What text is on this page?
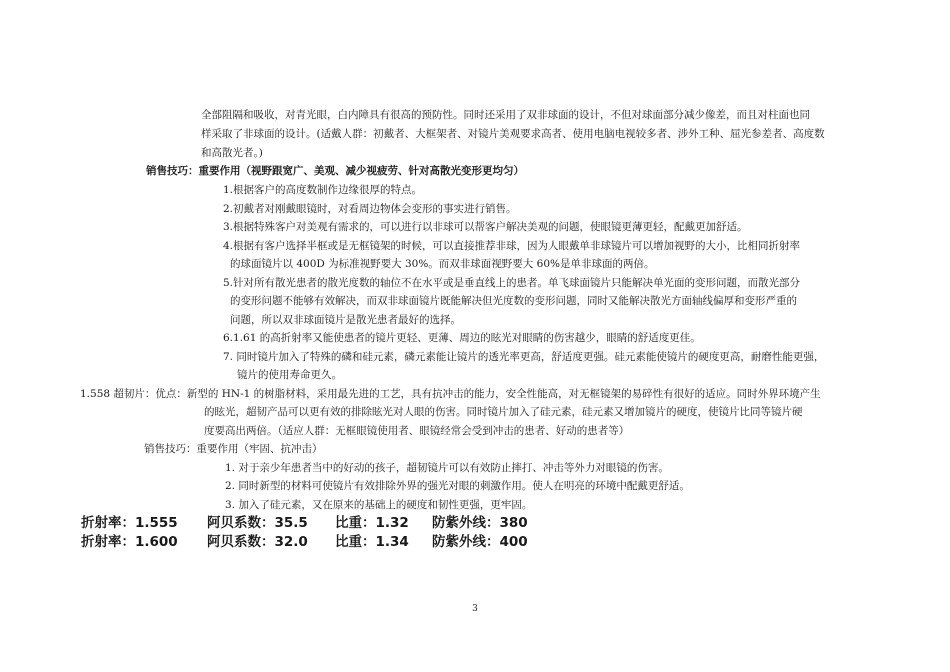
全部阻隔和吸收，对青光眼，白内障具有很高的预防性。同时还采用了双非球面的设计，不但对球面部分减少像差，而且对柱面也同
样采取了非球面的设计。(适戴人群：初戴者、大框架者、对镜片美观要求高者、使用电脑电视较多者、涉外工种、屈光参差者、高度数
和高散光者。)
销售技巧：重要作用（视野跟宽广、美观、减少视疲劳、针对高散光变形更均匀）
1.根据客户的高度数制作边缘很厚的特点。
2.初戴者对刚戴眼镜时，对看周边物体会变形的事实进行销售。
3.根据特殊客户对美观有需求的，可以进行以非球可以帮客户解决美观的问题，使眼镜更薄更轻，配戴更加舒适。
4.根据有客户选择半框或是无框镜架的时候，可以直接推荐非球，因为人眼戴单非球镜片可以增加视野的大小，比相同折射率
的球面镜片以 400D 为标准视野要大 30%。而双非球面视野要大 60%是单非球面的两倍。
5.针对所有散光患者的散光度数的轴位不在水平或是垂直线上的患者。单飞球面镜片只能解决单光面的变形问题，而散光部分
的变形问题不能够有效解决，而双非球面镜片既能解决但光度数的变形问题，同时又能解决散光方面轴线偏厚和变形严重的
问题，所以双非球面镜片是散光患者最好的选择。
6.1.61 的高折射率又能使患者的镜片更轻、更薄、周边的眩光对眼睛的伤害越少，眼睛的舒适度更佳。
7. 同时镜片加入了特殊的磷和硅元素，磷元素能让镜片的透光率更高，舒适度更强。硅元素能使镜片的硬度更高，耐磨性能更强，
镜片的使用寿命更久。
1.558 超韧片：优点：新型的 HN-1 的树脂材料，采用最先进的工艺，具有抗冲击的能力，安全性能高，对无框镜架的易碎性有很好的适应。同时外界环境产生
的眩光，超韧产品可以更有效的排除眩光对人眼的伤害。同时镜片加入了硅元素，硅元素又增加镜片的硬度，使镜片比同等镜片硬
度要高出两倍。（适应人群：无框眼镜使用者、眼镜经常会受到冲击的患者、好动的患者等）
销售技巧：重要作用（牢固、抗冲击）
1. 对于亲少年患者当中的好动的孩子，超韧镜片可以有效防止摔打、冲击等外力对眼镜的伤害。
2. 同时新型的材料可使镜片有效排除外界的强光对眼的刺激作用。使人在明亮的环境中配戴更舒适。
3. 加入了硅元素，又在原来的基础上的硬度和韧性更强，更牢固。
折射率：1.555 阿贝系数：35.5 比重：1.32 防紫外线：380
折射率：1.600 阿贝系数：32.0 比重：1.34 防紫外线：400
3
